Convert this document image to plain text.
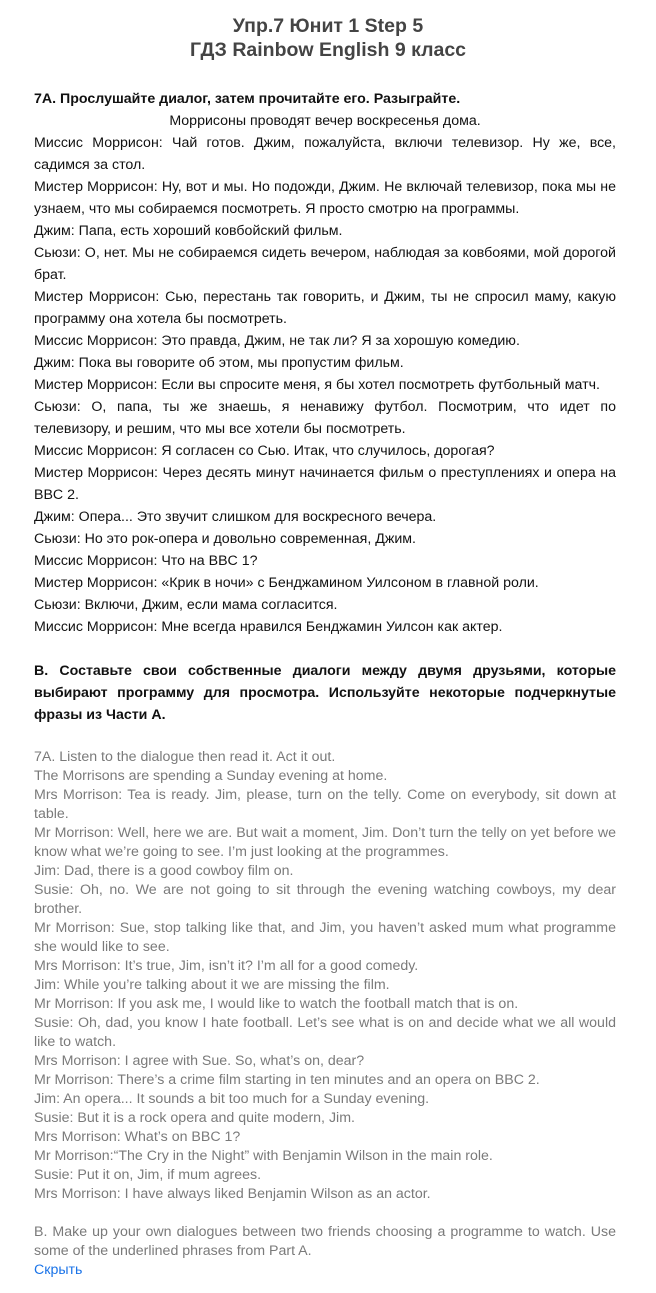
Упр.7 Юнит 1 Step 5
ГДЗ Rainbow English 9 класс

7A. Прослушайте диалог, затем прочитайте его. Разыграйте.

Моррисоны проводят вечер воскресенья дома.

Миссис Моррисон: Чай готов. Джим, пожалуйста, включи телевизор. Ну же, все, садимся за стол.

Мистер Моррисон: Ну, вот и мы. Но подожди, Джим. Не включай телевизор, пока мы не узнаем, что мы собираемся посмотреть. Я просто смотрю на программы.

Джим: Папа, есть хороший ковбойский фильм.

Сьюзи: О, нет. Мы не собираемся сидеть вечером, наблюдая за ковбоями, мой дорогой брат.

Мистер Моррисон: Сью, перестань так говорить, и Джим, ты не спросил маму, какую программу она хотела бы посмотреть.

Миссис Моррисон: Это правда, Джим, не так ли? Я за хорошую комедию.

Джим: Пока вы говорите об этом, мы пропустим фильм.

Мистер Моррисон: Если вы спросите меня, я бы хотел посмотреть футбольный матч.

Сьюзи: О, папа, ты же знаешь, я ненавижу футбол. Посмотрим, что идет по телевизору, и решим, что мы все хотели бы посмотреть.

Миссис Моррисон: Я согласен со Сью. Итак, что случилось, дорогая?

Мистер Моррисон: Через десять минут начинается фильм о преступлениях и опера на BBC 2.

Джим: Опера... Это звучит слишком для воскресного вечера.

Сьюзи: Но это рок-опера и довольно современная, Джим.

Миссис Моррисон: Что на BBC 1?

Мистер Моррисон: «Крик в ночи» с Бенджамином Уилсоном в главной роли.

Сьюзи: Включи, Джим, если мама согласится.

Миссис Моррисон: Мне всегда нравился Бенджамин Уилсон как актер.

B. Составьте свои собственные диалоги между двумя друзьями, которые выбирают программу для просмотра. Используйте некоторые подчеркнутые фразы из Части A.

7A. Listen to the dialogue then read it. Act it out.

The Morrisons are spending a Sunday evening at home.

Mrs Morrison: Tea is ready. Jim, please, turn on the telly. Come on everybody, sit down at table.

Mr Morrison: Well, here we are. But wait a moment, Jim. Don’t turn the telly on yet before we know what we’re going to see. I’m just looking at the programmes.

Jim: Dad, there is a good cowboy film on.

Susie: Oh, no. We are not going to sit through the evening watching cowboys, my dear brother.

Mr Morrison: Sue, stop talking like that, and Jim, you haven’t asked mum what programme she would like to see.

Mrs Morrison: It’s true, Jim, isn’t it? I’m all for a good comedy.

Jim: While you’re talking about it we are missing the film.

Mr Morrison: If you ask me, I would like to watch the football match that is on.

Susie: Oh, dad, you know I hate football. Let’s see what is on and decide what we all would like to watch.

Mrs Morrison: I agree with Sue. So, what’s on, dear?

Mr Morrison: There’s a crime film starting in ten minutes and an opera on BBC 2.

Jim: An opera... It sounds a bit too much for a Sunday evening.

Susie: But it is a rock opera and quite modern, Jim.

Mrs Morrison: What’s on BBC 1?

Mr Morrison:“The Cry in the Night” with Benjamin Wilson in the main role.

Susie: Put it on, Jim, if mum agrees.

Mrs Morrison: I have always liked Benjamin Wilson as an actor.

B. Make up your own dialogues between two friends choosing a programme to watch. Use some of the underlined phrases from Part A.

Скрыть
